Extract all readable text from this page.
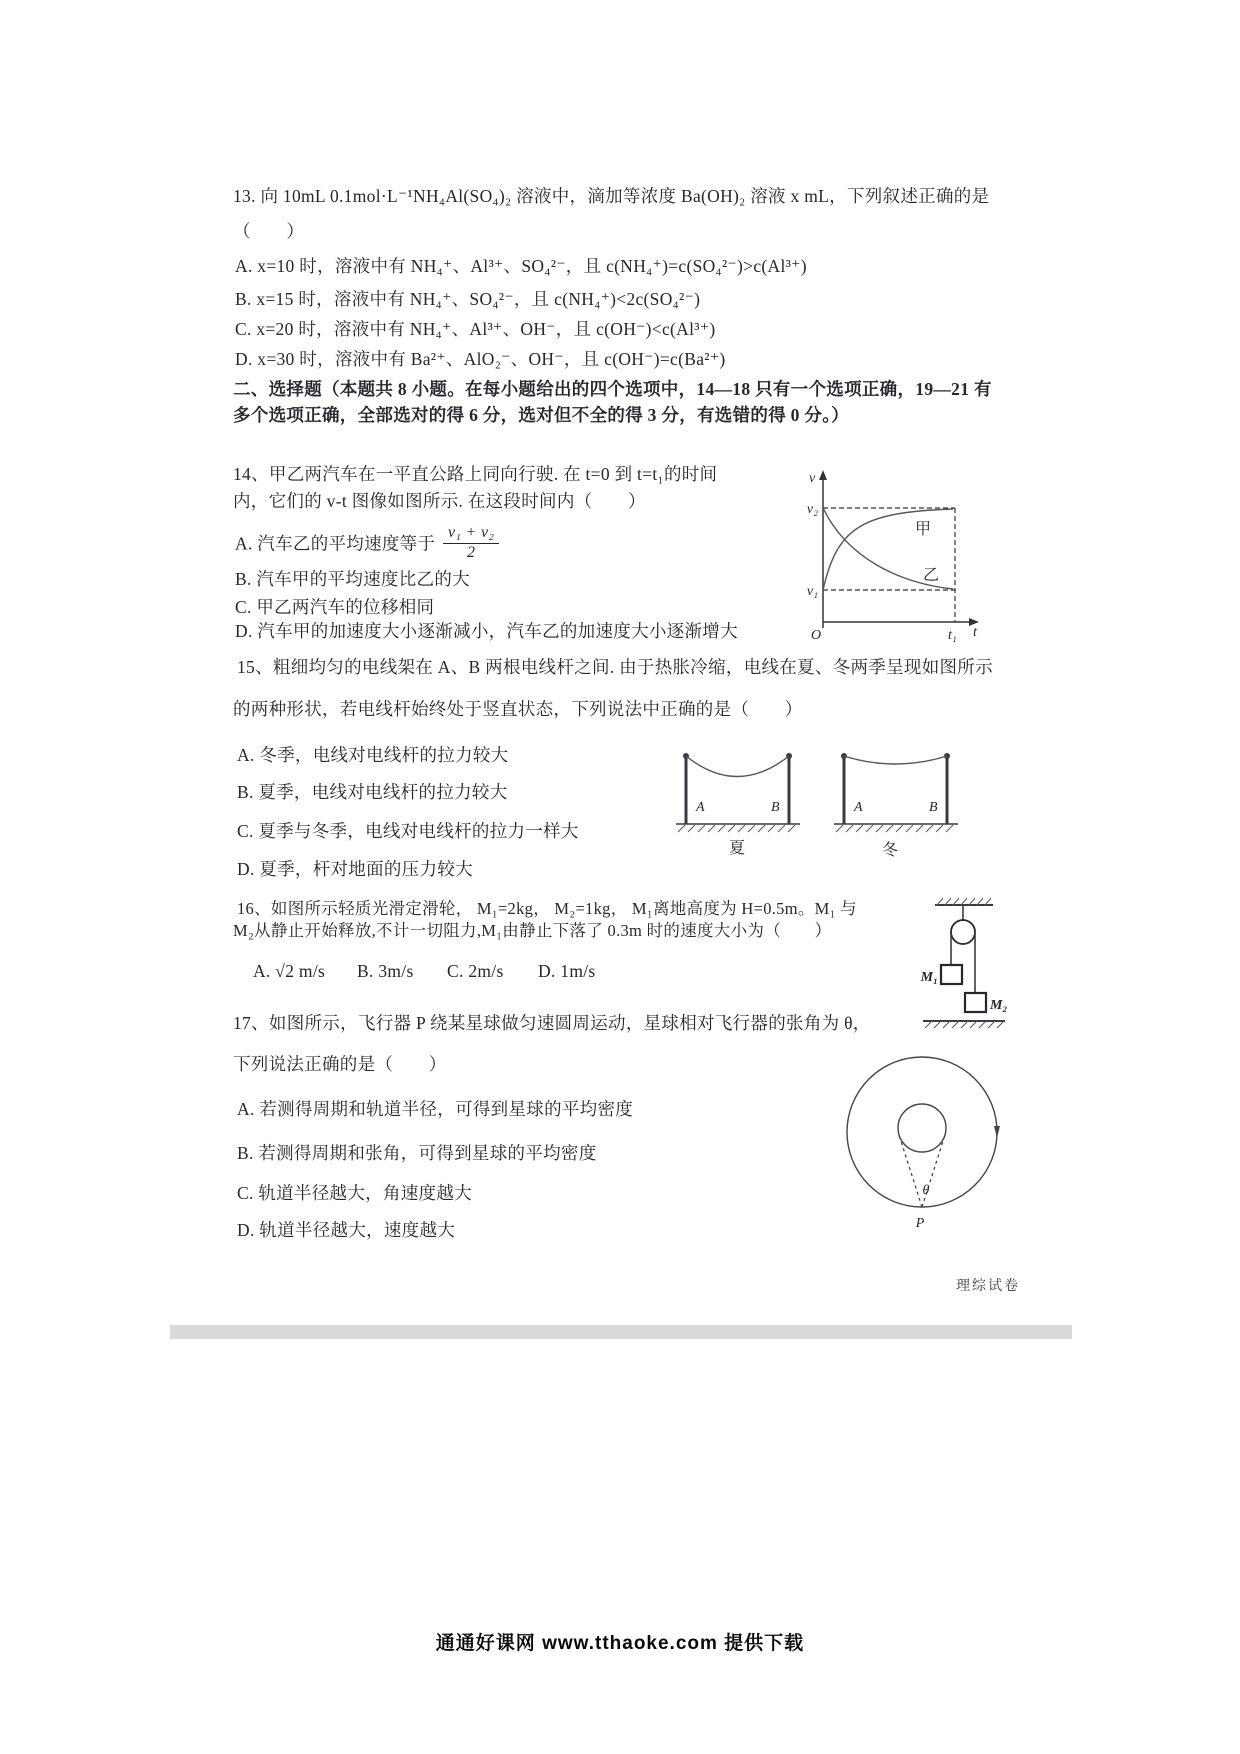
13. 向 10mL 0.1mol·L⁻¹NH₄Al(SO₄)₂ 溶液中，滴加等浓度 Ba(OH)₂ 溶液 x mL，下列叙述正确的是
（　　）
A. x=10 时，溶液中有 NH₄⁺、Al³⁺、SO₄²⁻，且 c(NH₄⁺)=c(SO₄²⁻)>c(Al³⁺)
B. x=15 时，溶液中有 NH₄⁺、SO₄²⁻，且 c(NH₄⁺)<2c(SO₄²⁻)
C. x=20 时，溶液中有 NH₄⁺、Al³⁺、OH⁻，且 c(OH⁻)<c(Al³⁺)
D. x=30 时，溶液中有 Ba²⁺、AlO₂⁻、OH⁻，且 c(OH⁻)=c(Ba²⁺)
二、选择题（本题共 8 小题。在每小题给出的四个选项中，14—18 只有一个选项正确，19—21 有
多个选项正确，全部选对的得 6 分，选对但不全的得 3 分，有选错的得 0 分。）
14、甲乙两汽车在一平直公路上同向行驶. 在 t=0 到 t=t₁的时间
内，它们的 v-t 图像如图所示. 在这段时间内（　　）
A. 汽车乙的平均速度等于 $\frac{\text{v₁ + v₂}}{2}$
B. 汽车甲的平均速度比乙的大
C. 甲乙两汽车的位移相同
D. 汽车甲的加速度大小逐渐减小，汽车乙的加速度大小逐渐增大
v
v₂
v₁
O	t₁ t
甲
乙
15、粗细均匀的电线架在 A、B 两根电线杆之间. 由于热胀冷缩，电线在夏、冬两季呈现如图所示
的两种形状，若电线杆始终处于竖直状态，下列说法中正确的是（　　）
A. 冬季，电线对电线杆的拉力较大
B. 夏季，电线对电线杆的拉力较大
C. 夏季与冬季，电线对电线杆的拉力一样大
D. 夏季，杆对地面的压力较大
A	B
夏
A	B
冬
16、如图所示轻质光滑定滑轮， M₁=2kg， M₂=1kg， M₁离地高度为 H=0.5m。M₁ 与
M₂从静止开始释放,不计一切阻力,M₁由静止下落了 0.3m 时的速度大小为（　　）
A. √2 m/s B. 3m/s C. 2m/s D. 1m/s	M₁
M₂
17、如图所示，飞行器 P 绕某星球做匀速圆周运动，星球相对飞行器的张角为 θ，
下列说法正确的是（　　）
A. 若测得周期和轨道半径，可得到星球的平均密度
B. 若测得周期和张角，可得到星球的平均密度
C. 轨道半径越大，角速度越大
D. 轨道半径越大，速度越大
θ
P
理综试卷
通通好课网 www.tthaoke.com 提供下载
